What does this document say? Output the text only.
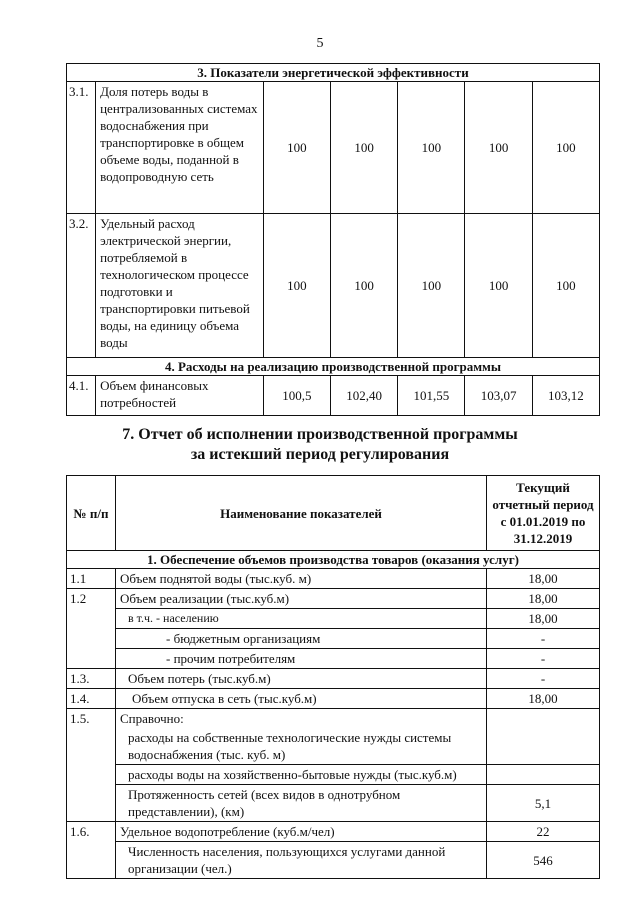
5
3. Показатели энергетической эффективности						
3.1.	Доля потерь воды в централизованных системах водоснабжения при транспортировке в общем объеме воды, поданной в водопроводную сеть	100	100	100	100	100
3.2.	Удельный расход электрической энергии, потребляемой в технологическом процессе подготовки и транспортировки питьевой воды, на единицу объема воды	100	100	100	100	100
4. Расходы на реализацию производственной программы						
4.1.	Объем финансовых потребностей	100,5	102,40	101,55	103,07	103,12
7. Отчет об исполнении производственной программы
за истекший период регулирования
№ п/п	Наименование показателей	Текущий отчетный период с 01.01.2019 по 31.12.2019
1. Обеспечение объемов производства товаров (оказания услуг)		
1.1	Объем поднятой воды (тыс.куб. м)	18,00
1.2	Объем реализации (тыс.куб.м)	18,00
	в т.ч. - населению	18,00
	- бюджетным организациям	-
	- прочим потребителям	-
1.3.	Объем потерь (тыс.куб.м)	-
1.4.	Объем отпуска в сеть (тыс.куб.м)	18,00
1.5.	Справочно:	
	расходы на собственные технологические нужды системы водоснабжения (тыс. куб. м)	
	расходы воды на хозяйственно-бытовые нужды (тыс.куб.м)	
	Протяженность сетей (всех видов в однотрубном представлении), (км)	5,1
1.6.	Удельное водопотребление (куб.м/чел)	22
	Численность населения, пользующихся услугами данной организации (чел.)	546
